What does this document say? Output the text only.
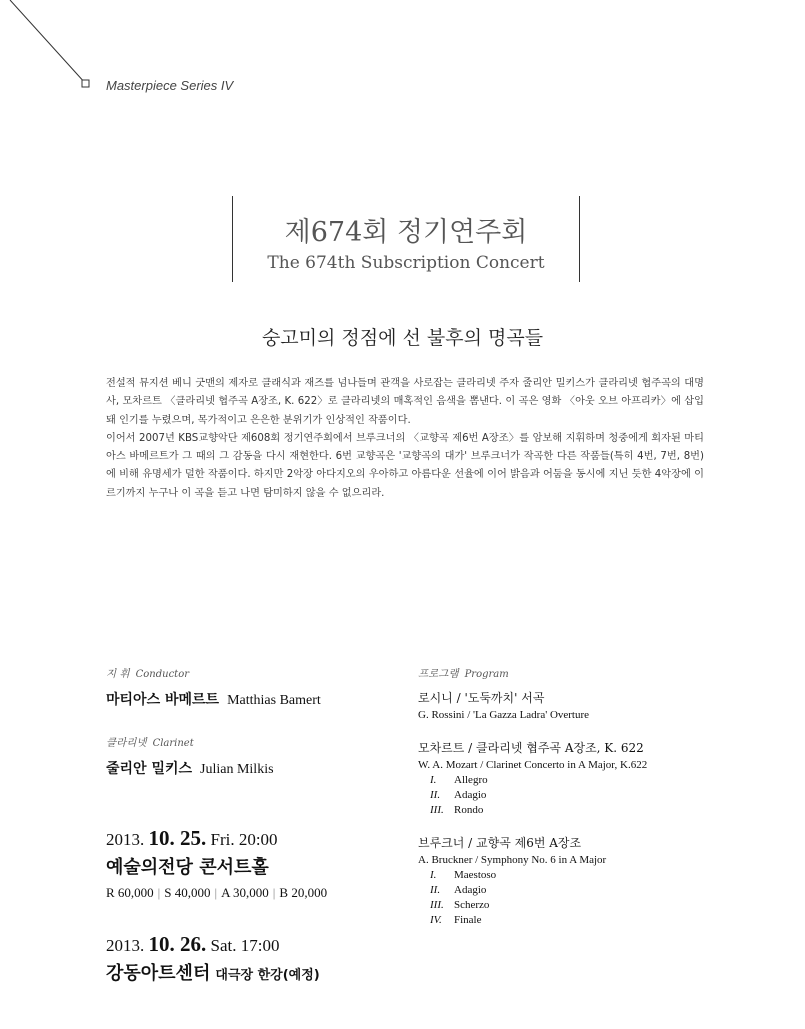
Masterpiece Series IV
제674회 정기연주회
The 674th Subscription Concert
숭고미의 정점에 선 불후의 명곡들

전설적 뮤지션 베니 굿맨의 제자로 클래식과 재즈를 넘나들며 관객을 사로잡는 클라리넷 주자 줄리안 밀키스가 클라리넷 협주곡의 대명사, 모차르트 〈클라리넷 협주곡 A장조, K. 622〉로 클라리넷의 매혹적인 음색을 뽐낸다. 이 곡은 영화 〈아웃 오브 아프리카〉에 삽입돼 인기를 누렸으며, 목가적이고 은은한 분위기가 인상적인 작품이다.

이어서 2007년 KBS교향악단 제608회 정기연주회에서 브루크너의 〈교향곡 제6번 A장조〉를 암보해 지휘하며 청중에게 회자된 마티아스 바메르트가 그 때의 그 감동을 다시 재현한다. 6번 교향곡은 '교향곡의 대가' 브루크너가 작곡한 다른 작품들(특히 4번, 7번, 8번)에 비해 유명세가 덜한 작품이다. 하지만 2악장 아다지오의 우아하고 아름다운 선율에 이어 밝음과 어둠을 동시에 지닌 듯한 4악장에 이르기까지 누구나 이 곡을 듣고 나면 탐미하지 않을 수 없으리라.

지 휘 Conductor
마티아스 바메르트 Matthias Bamert
클라리넷 Clarinet
줄리안 밀키스 Julian Milkis
2013. 10. 25. Fri. 20:00
예술의전당 콘서트홀
R 60,000 | S 40,000 | A 30,000 | B 20,000
2013. 10. 26. Sat. 17:00
강동아트센터 대극장 한강(예정)
프로그램 Program
로시니 / '도둑까치' 서곡
G. Rossini / 'La Gazza Ladra' Overture
모차르트 / 클라리넷 협주곡 A장조, K. 622
W. A. Mozart / Clarinet Concerto in A Major, K.622
I. Allegro
II. Adagio
III. Rondo
브루크너 / 교향곡 제6번 A장조
A. Bruckner / Symphony No. 6 in A Major
I. Maestoso
II. Adagio
III. Scherzo
IV. Finale
